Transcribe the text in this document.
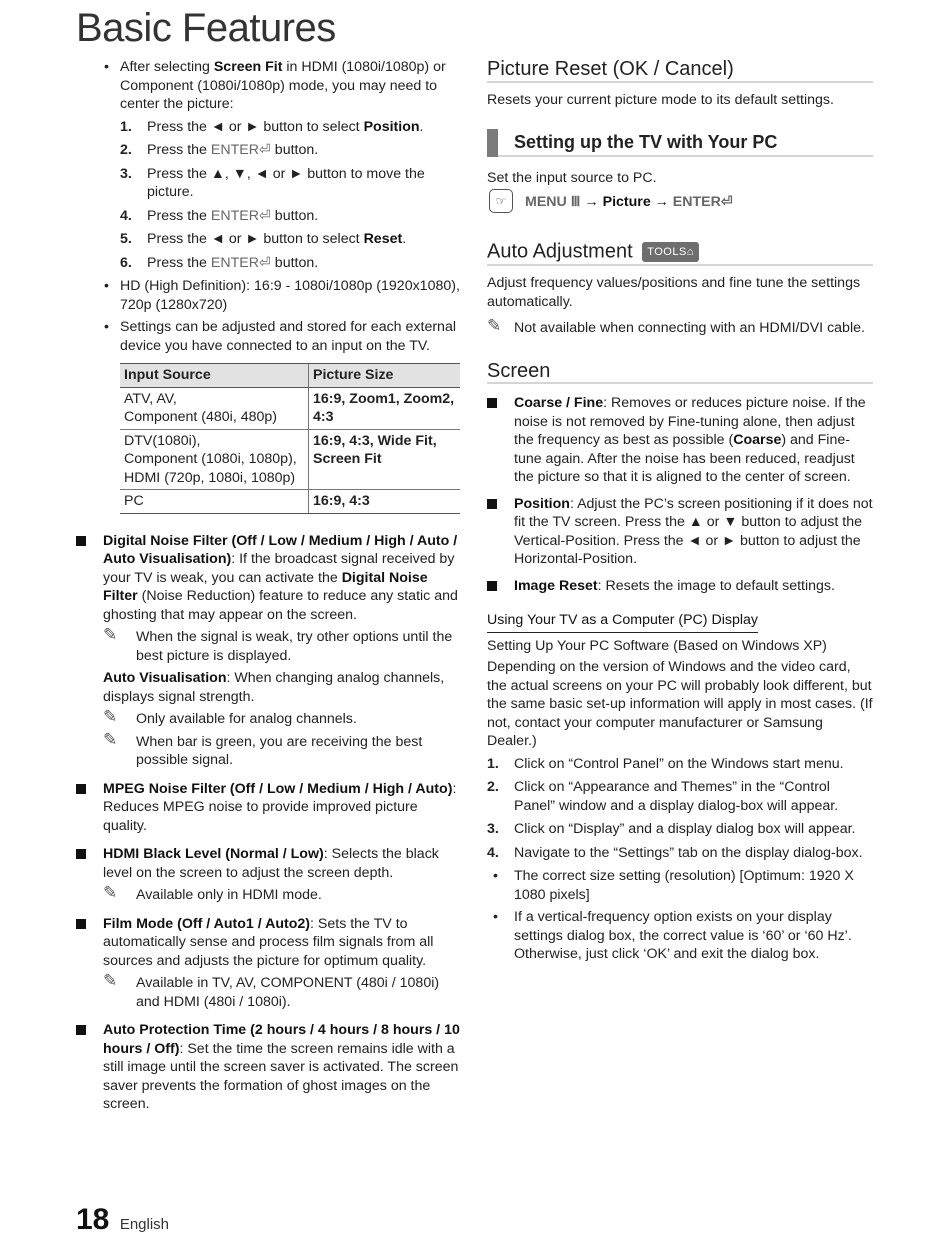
Basic Features
• After selecting Screen Fit in HDMI (1080i/1080p) or Component (1080i/1080p) mode, you may need to center the picture:
1. Press the ◄ or ► button to select Position.
2. Press the ENTER⏎ button.
3. Press the ▲, ▼, ◄ or ► button to move the picture.
4. Press the ENTER⏎ button.
5. Press the ◄ or ► button to select Reset.
6. Press the ENTER⏎ button.
• HD (High Definition): 16:9 - 1080i/1080p (1920x1080), 720p (1280x720)
• Settings can be adjusted and stored for each external device you have connected to an input on the TV.
Input Source	Picture Size

ATV, AV,
Component (480i, 480p)	16:9, Zoom1, Zoom2, 4:3

DTV(1080i),
Component (1080i, 1080p),
HDMI (720p, 1080i, 1080p)	16:9, 4:3, Wide Fit, Screen Fit

PC	16:9, 4:3
Digital Noise Filter (Off / Low / Medium / High / Auto / Auto Visualisation): If the broadcast signal received by your TV is weak, you can activate the Digital Noise Filter (Noise Reduction) feature to reduce any static and ghosting that may appear on the screen.
✎ When the signal is weak, try other options until the best picture is displayed.
Auto Visualisation: When changing analog channels, displays signal strength.
✎ Only available for analog channels.
✎ When bar is green, you are receiving the best possible signal.
MPEG Noise Filter (Off / Low / Medium / High / Auto): Reduces MPEG noise to provide improved picture quality.
HDMI Black Level (Normal / Low): Selects the black level on the screen to adjust the screen depth.
✎ Available only in HDMI mode.
Film Mode (Off / Auto1 / Auto2): Sets the TV to automatically sense and process film signals from all sources and adjusts the picture for optimum quality.
✎ Available in TV, AV, COMPONENT (480i / 1080i) and HDMI (480i / 1080i).
Auto Protection Time (2 hours / 4 hours / 8 hours / 10 hours / Off): Set the time the screen remains idle with a still image until the screen saver is activated. The screen saver prevents the formation of ghost images on the screen.
Picture Reset (OK / Cancel)
Resets your current picture mode to its default settings.
Setting up the TV with Your PC
Set the input source to PC.
☞	MENU Ⅲ → Picture → ENTER⏎
Auto Adjustment TOOLS⌂
Adjust frequency values/positions and fine tune the settings automatically.
✎ Not available when connecting with an HDMI/DVI cable.
Screen
Coarse / Fine: Removes or reduces picture noise. If the noise is not removed by Fine-tuning alone, then adjust the frequency as best as possible (Coarse) and Fine-tune again. After the noise has been reduced, readjust the picture so that it is aligned to the center of screen.
Position: Adjust the PC’s screen positioning if it does not fit the TV screen. Press the ▲ or ▼ button to adjust the Vertical-Position. Press the ◄ or ► button to adjust the Horizontal-Position.
Image Reset: Resets the image to default settings.
Using Your TV as a Computer (PC) Display
Setting Up Your PC Software (Based on Windows XP)
Depending on the version of Windows and the video card, the actual screens on your PC will probably look different, but the same basic set-up information will apply in most cases. (If not, contact your computer manufacturer or Samsung Dealer.)
1. Click on “Control Panel” on the Windows start menu.
2. Click on “Appearance and Themes” in the “Control Panel” window and a display dialog-box will appear.
3. Click on “Display” and a display dialog box will appear.
4. Navigate to the “Settings” tab on the display dialog-box.
• The correct size setting (resolution) [Optimum: 1920 X 1080 pixels]
• If a vertical-frequency option exists on your display settings dialog box, the correct value is ‘60’ or ‘60 Hz’. Otherwise, just click ‘OK’ and exit the dialog box.
18 English
